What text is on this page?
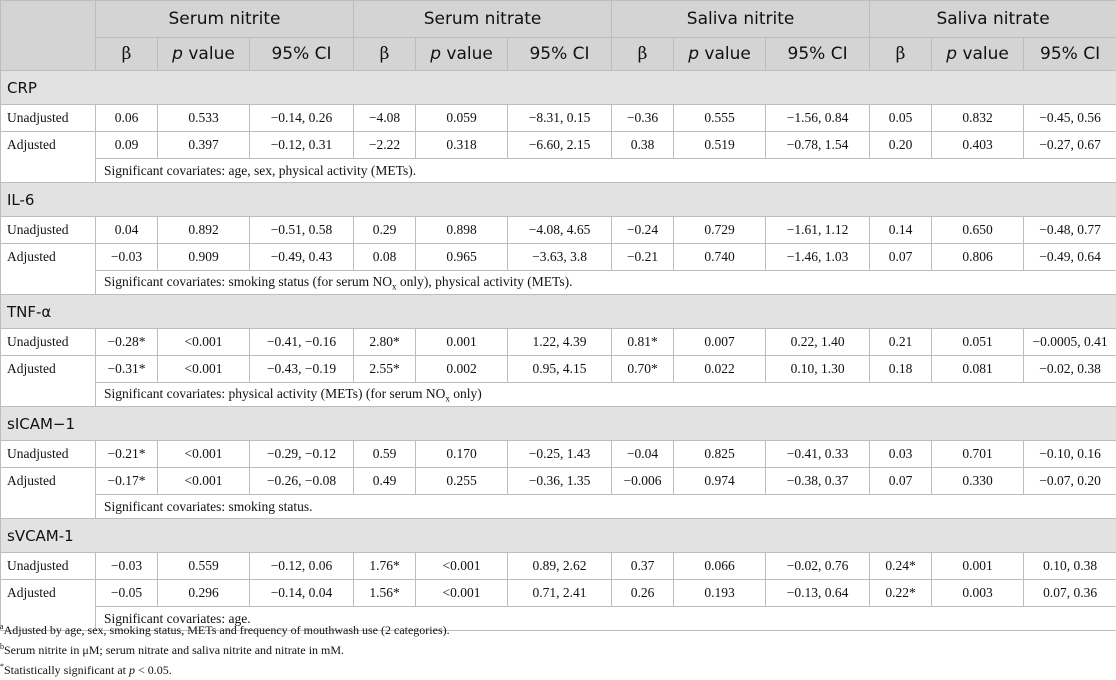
	Serum nitrite			Serum nitrate			Saliva nitrite			Saliva nitrate		
	β	p value	95% CI	β	p value	95% CI	β	p value	95% CI	β	p value	95% CI
CRP												
Unadjusted	0.06	0.533	−0.14, 0.26	−4.08	0.059	−8.31, 0.15	−0.36	0.555	−1.56, 0.84	0.05	0.832	−0.45, 0.56
Adjusted	0.09	0.397	−0.12, 0.31	−2.22	0.318	−6.60, 2.15	0.38	0.519	−0.78, 1.54	0.20	0.403	−0.27, 0.67
	Significant covariates: age, sex, physical activity (METs).											
IL-6												
Unadjusted	0.04	0.892	−0.51, 0.58	0.29	0.898	−4.08, 4.65	−0.24	0.729	−1.61, 1.12	0.14	0.650	−0.48, 0.77
Adjusted	−0.03	0.909	−0.49, 0.43	0.08	0.965	−3.63, 3.8	−0.21	0.740	−1.46, 1.03	0.07	0.806	−0.49, 0.64
	Significant covariates: smoking status (for serum $NO_x$ only), physical activity (METs).											
TNF-α												
Unadjusted	−0.28*	<0.001	−0.41, −0.16	2.80*	0.001	1.22, 4.39	0.81*	0.007	0.22, 1.40	0.21	0.051	−0.0005, 0.41
Adjusted	−0.31*	<0.001	−0.43, −0.19	2.55*	0.002	0.95, 4.15	0.70*	0.022	0.10, 1.30	0.18	0.081	−0.02, 0.38
	Significant covariates: physical activity (METs) (for serum $NO_x$ only)											
sICAM−1												
Unadjusted	−0.21*	<0.001	−0.29, −0.12	0.59	0.170	−0.25, 1.43	−0.04	0.825	−0.41, 0.33	0.03	0.701	−0.10, 0.16
Adjusted	−0.17*	<0.001	−0.26, −0.08	0.49	0.255	−0.36, 1.35	−0.006	0.974	−0.38, 0.37	0.07	0.330	−0.07, 0.20
	Significant covariates: smoking status.											
sVCAM-1												
Unadjusted	−0.03	0.559	−0.12, 0.06	1.76*	<0.001	0.89, 2.62	0.37	0.066	−0.02, 0.76	0.24*	0.001	0.10, 0.38
Adjusted	−0.05	0.296	−0.14, 0.04	1.56*	<0.001	0.71, 2.41	0.26	0.193	−0.13, 0.64	0.22*	0.003	0.07, 0.36
	Significant covariates: age.											
$^a$Adjusted by age, sex, smoking status, METs and frequency of mouthwash use (2 categories).
$^b$Serum nitrite in μM; serum nitrate and saliva nitrite and nitrate in mM.
*Statistically significant at p < 0.05.
